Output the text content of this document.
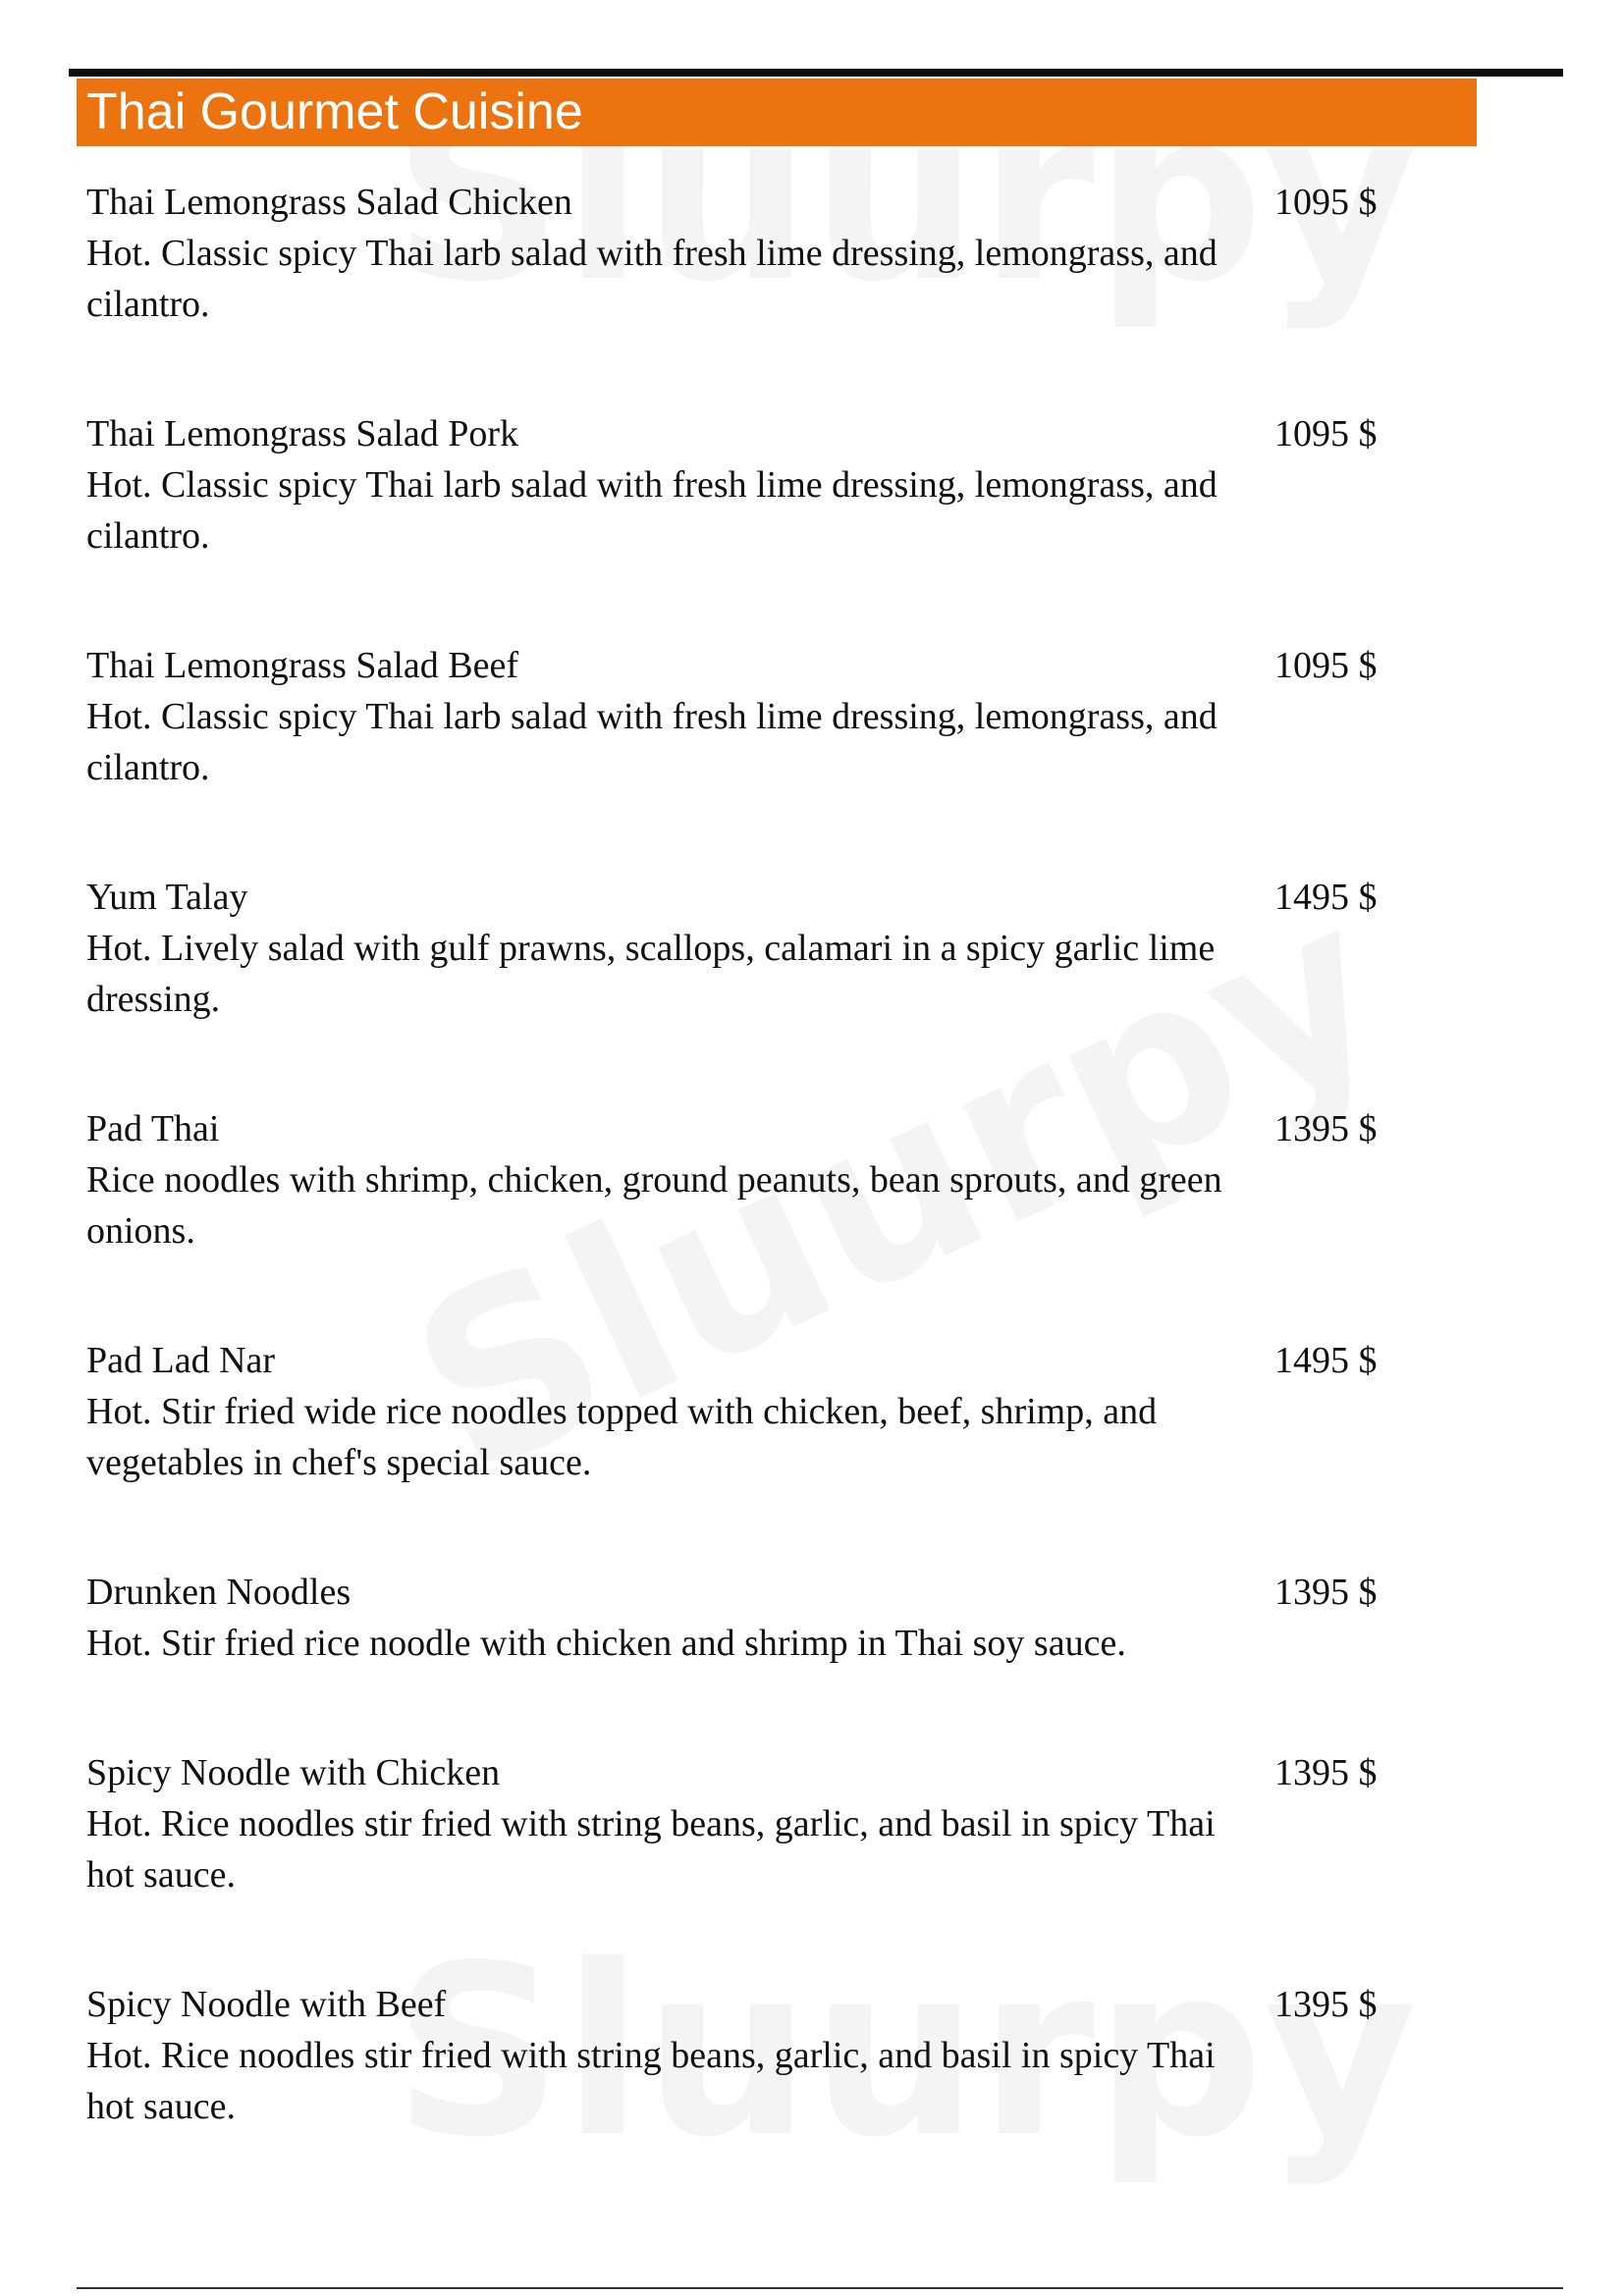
Thai Gourmet Cuisine
Thai Lemongrass Salad Chicken
Hot. Classic spicy Thai larb salad with fresh lime dressing, lemongrass, and cilantro.
1095 $
Thai Lemongrass Salad Pork
Hot. Classic spicy Thai larb salad with fresh lime dressing, lemongrass, and cilantro.
1095 $
Thai Lemongrass Salad Beef
Hot. Classic spicy Thai larb salad with fresh lime dressing, lemongrass, and cilantro.
1095 $
Yum Talay
Hot. Lively salad with gulf prawns, scallops, calamari in a spicy garlic lime dressing.
1495 $
Pad Thai
Rice noodles with shrimp, chicken, ground peanuts, bean sprouts, and green onions.
1395 $
Pad Lad Nar
Hot. Stir fried wide rice noodles topped with chicken, beef, shrimp, and vegetables in chef's special sauce.
1495 $
Drunken Noodles
Hot. Stir fried rice noodle with chicken and shrimp in Thai soy sauce.
1395 $
Spicy Noodle with Chicken
Hot. Rice noodles stir fried with string beans, garlic, and basil in spicy Thai hot sauce.
1395 $
Spicy Noodle with Beef
Hot. Rice noodles stir fried with string beans, garlic, and basil in spicy Thai hot sauce.
1395 $
